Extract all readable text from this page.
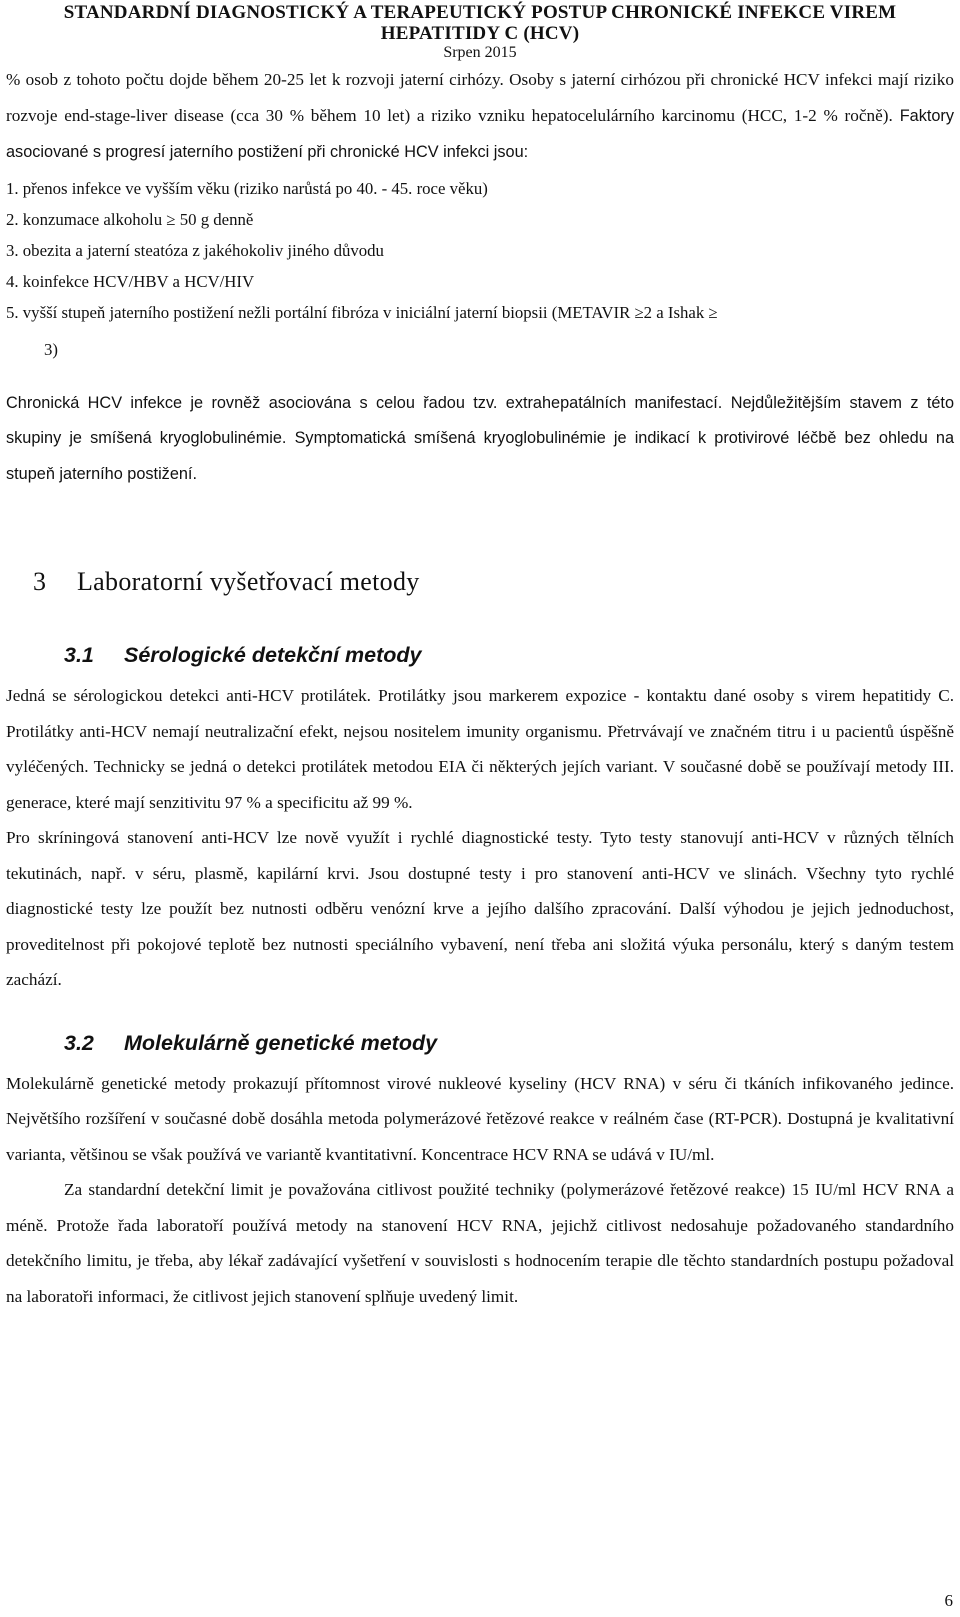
STANDARDNÍ DIAGNOSTICKÝ A TERAPEUTICKÝ POSTUP CHRONICKÉ INFEKCE VIREM
HEPATITIDY C (HCV)
Srpen 2015

% osob z tohoto počtu dojde během 20-25 let k rozvoji jaterní cirhózy. Osoby s jaterní cirhózou při chronické HCV infekci mají riziko rozvoje end-stage-liver disease (cca 30 % během 10 let) a riziko vzniku hepatocelulárního karcinomu (HCC, 1-2 % ročně). Faktory asociované s progresí jaterního postižení při chronické HCV infekci jsou:

1. přenos infekce ve vyšším věku (riziko narůstá po 40. - 45. roce věku)
2. konzumace alkoholu ≥ 50 g denně
3. obezita a jaterní steatóza z jakéhokoliv jiného důvodu
4. koinfekce HCV/HBV a HCV/HIV
5. vyšší stupeň jaterního postižení nežli portální fibróza v iniciální jaterní biopsii (METAVIR ≥2 a Ishak ≥
3)

Chronická HCV infekce je rovněž asociována s celou řadou tzv. extrahepatálních manifestací. Nejdůležitějším stavem z této skupiny je smíšená kryoglobulinémie. Symptomatická smíšená kryoglobulinémie je indikací k protivirové léčbě bez ohledu na stupeň jaterního postižení.

3 Laboratorní vyšetřovací metody
3.1 Sérologické detekční metody

Jedná se sérologickou detekci anti-HCV protilátek. Protilátky jsou markerem expozice - kontaktu dané osoby s virem hepatitidy C. Protilátky anti-HCV nemají neutralizační efekt, nejsou nositelem imunity organismu. Přetrvávají ve značném titru i u pacientů úspěšně vyléčených. Technicky se jedná o detekci protilátek metodou EIA či některých jejích variant. V současné době se používají metody III. generace, které mají senzitivitu 97 % a specificitu až 99 %.

Pro skríningová stanovení anti-HCV lze nově využít i rychlé diagnostické testy. Tyto testy stanovují anti-HCV v různých tělních tekutinách, např. v séru, plasmě, kapilární krvi. Jsou dostupné testy i pro stanovení anti-HCV ve slinách. Všechny tyto rychlé diagnostické testy lze použít bez nutnosti odběru venózní krve a jejího dalšího zpracování. Další výhodou je jejich jednoduchost, proveditelnost při pokojové teplotě bez nutnosti speciálního vybavení, není třeba ani složitá výuka personálu, který s daným testem zachází.

3.2 Molekulárně genetické metody

Molekulárně genetické metody prokazují přítomnost virové nukleové kyseliny (HCV RNA) v séru či tkáních infikovaného jedince. Největšího rozšíření v současné době dosáhla metoda polymerázové řetězové reakce v reálném čase (RT-PCR). Dostupná je kvalitativní varianta, většinou se však používá ve variantě kvantitativní. Koncentrace HCV RNA se udává v IU/ml.

Za standardní detekční limit je považována citlivost použité techniky (polymerázové řetězové reakce) 15 IU/ml HCV RNA a méně. Protože řada laboratoří používá metody na stanovení HCV RNA, jejichž citlivost nedosahuje požadovaného standardního detekčního limitu, je třeba, aby lékař zadávající vyšetření v souvislosti s hodnocením terapie dle těchto standardních postupu požadoval na laboratoři informaci, že citlivost jejich stanovení splňuje uvedený limit.

6
